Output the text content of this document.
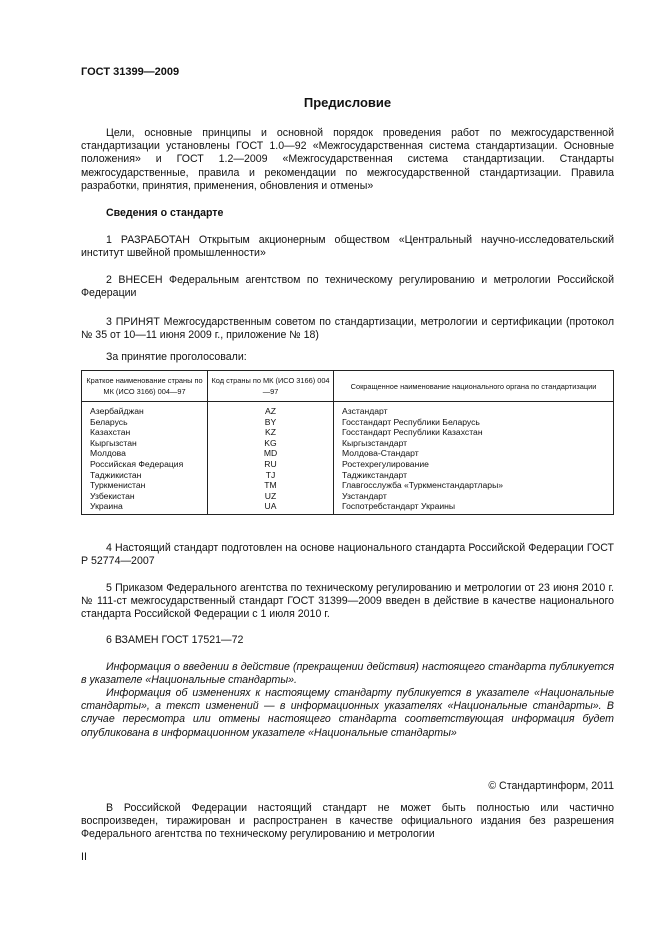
ГОСТ 31399—2009
Предисловие
Цели, основные принципы и основной порядок проведения работ по межгосударственной стандартизации установлены ГОСТ 1.0—92 «Межгосударственная система стандартизации. Основные положения» и ГОСТ 1.2—2009 «Межгосударственная система стандартизации. Стандарты межгосударственные, правила и рекомендации по межгосударственной стандартизации. Правила разработки, принятия, применения, обновления и отмены»
Сведения о стандарте
1 РАЗРАБОТАН Открытым акционерным обществом «Центральный научно-исследовательский институт швейной промышленности»
2 ВНЕСЕН Федеральным агентством по техническому регулированию и метрологии Российской Федерации
3 ПРИНЯТ Межгосударственным советом по стандартизации, метрологии и сертификации (протокол № 35 от 10—11 июня 2009 г., приложение № 18)
За принятие проголосовали:
Краткое наименование страны по МК (ИСО 3166) 004—97	Код страны по МК (ИСО 3166) 004—97	Сокращенное наименование национального органа по стандартизации
Азербайджан	AZ	Азстандарт
Беларусь	BY	Госстандарт Республики Беларусь
Казахстан	KZ	Госстандарт Республики Казахстан
Кыргызстан	KG	Кыргызстандарт
Молдова	MD	Молдова-Стандарт
Российская Федерация	RU	Ростехрегулирование
Таджикистан	TJ	Таджикстандарт
Туркменистан	TM	Главгосслужба «Туркменстандартлары»
Узбекистан	UZ	Узстандарт
Украина	UA	Госпотребстандарт Украины
4 Настоящий стандарт подготовлен на основе национального стандарта Российской Федерации ГОСТ Р 52774—2007
5 Приказом Федерального агентства по техническому регулированию и метрологии от 23 июня 2010 г. № 111-ст межгосударственный стандарт ГОСТ 31399—2009 введен в действие в качестве национального стандарта Российской Федерации с 1 июля 2010 г.
6 ВЗАМЕН ГОСТ 17521—72
Информация о введении в действие (прекращении действия) настоящего стандарта публикуется в указателе «Национальные стандарты».
Информация об изменениях к настоящему стандарту публикуется в указателе «Национальные стандарты», а текст изменений — в информационных указателях «Национальные стандарты». В случае пересмотра или отмены настоящего стандарта соответствующая информация будет опубликована в информационном указателе «Национальные стандарты»
© Стандартинформ, 2011
В Российской Федерации настоящий стандарт не может быть полностью или частично воспроизведен, тиражирован и распространен в качестве официального издания без разрешения Федерального агентства по техническому регулированию и метрологии
II
